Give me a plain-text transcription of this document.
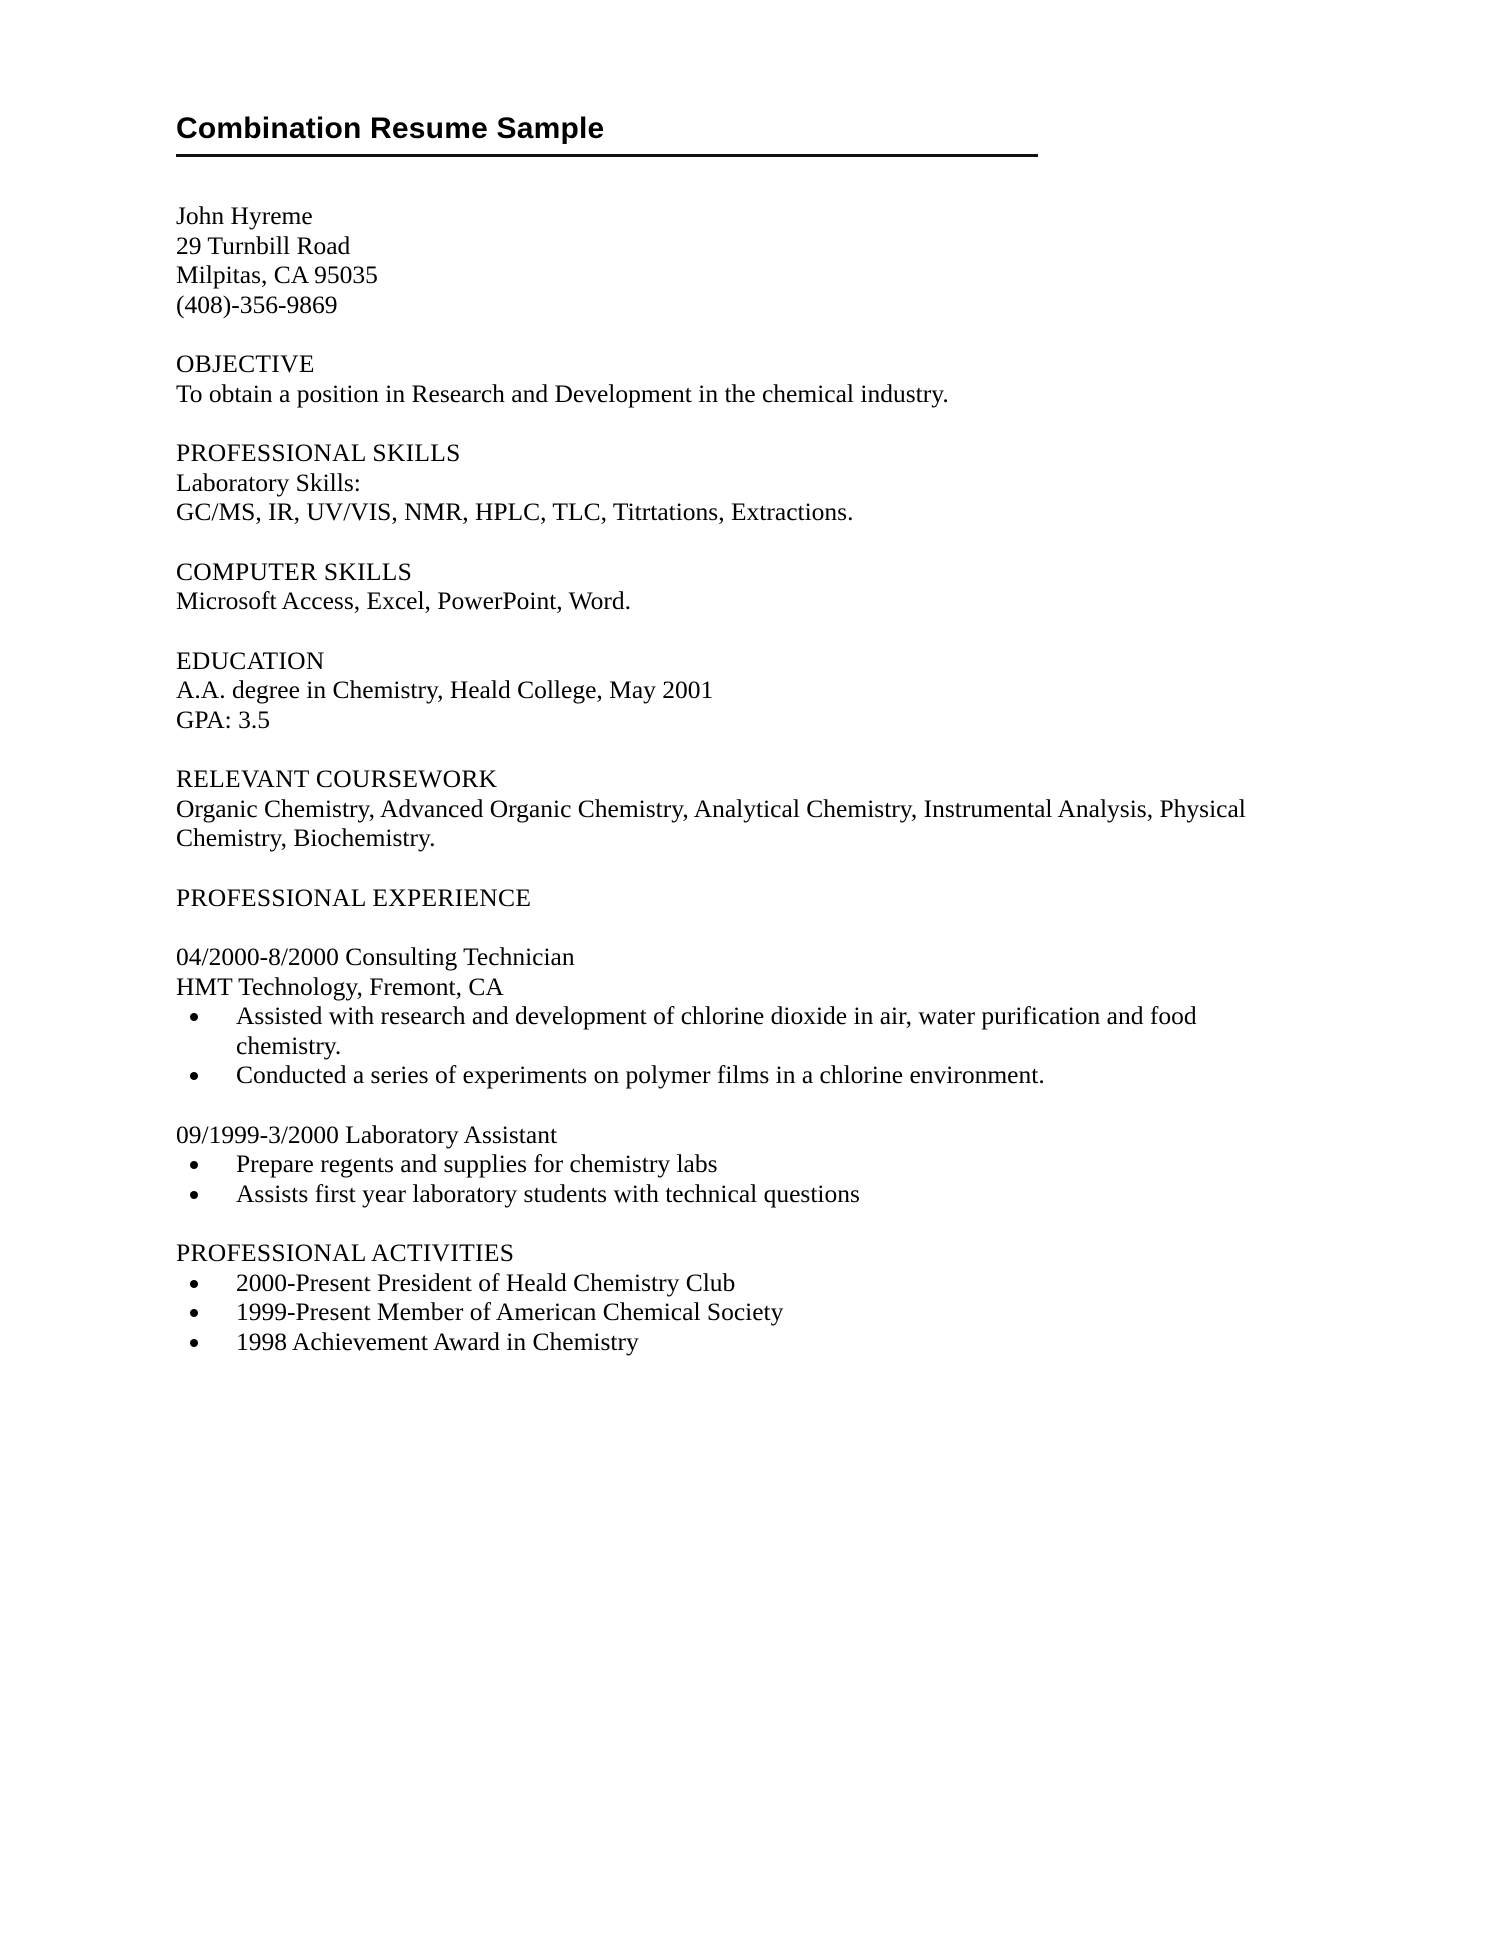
Combination Resume Sample
John Hyreme
29 Turnbill Road
Milpitas, CA 95035
(408)-356-9869
OBJECTIVE
To obtain a position in Research and Development in the chemical industry.
PROFESSIONAL SKILLS
Laboratory Skills:
GC/MS, IR, UV/VIS, NMR, HPLC, TLC, Titrtations, Extractions.
COMPUTER SKILLS
Microsoft Access, Excel, PowerPoint, Word.
EDUCATION
A.A. degree in Chemistry, Heald College, May 2001
GPA: 3.5
RELEVANT COURSEWORK
Organic Chemistry, Advanced Organic Chemistry, Analytical Chemistry, Instrumental Analysis, Physical Chemistry, Biochemistry.
PROFESSIONAL EXPERIENCE
04/2000-8/2000 Consulting Technician
HMT Technology, Fremont, CA
Assisted with research and development of chlorine dioxide in air, water purification and food chemistry.
Conducted a series of experiments on polymer films in a chlorine environment.
09/1999-3/2000 Laboratory Assistant
Prepare regents and supplies for chemistry labs
Assists first year laboratory students with technical questions
PROFESSIONAL ACTIVITIES
2000-Present President of Heald Chemistry Club
1999-Present Member of American Chemical Society
1998 Achievement Award in Chemistry
